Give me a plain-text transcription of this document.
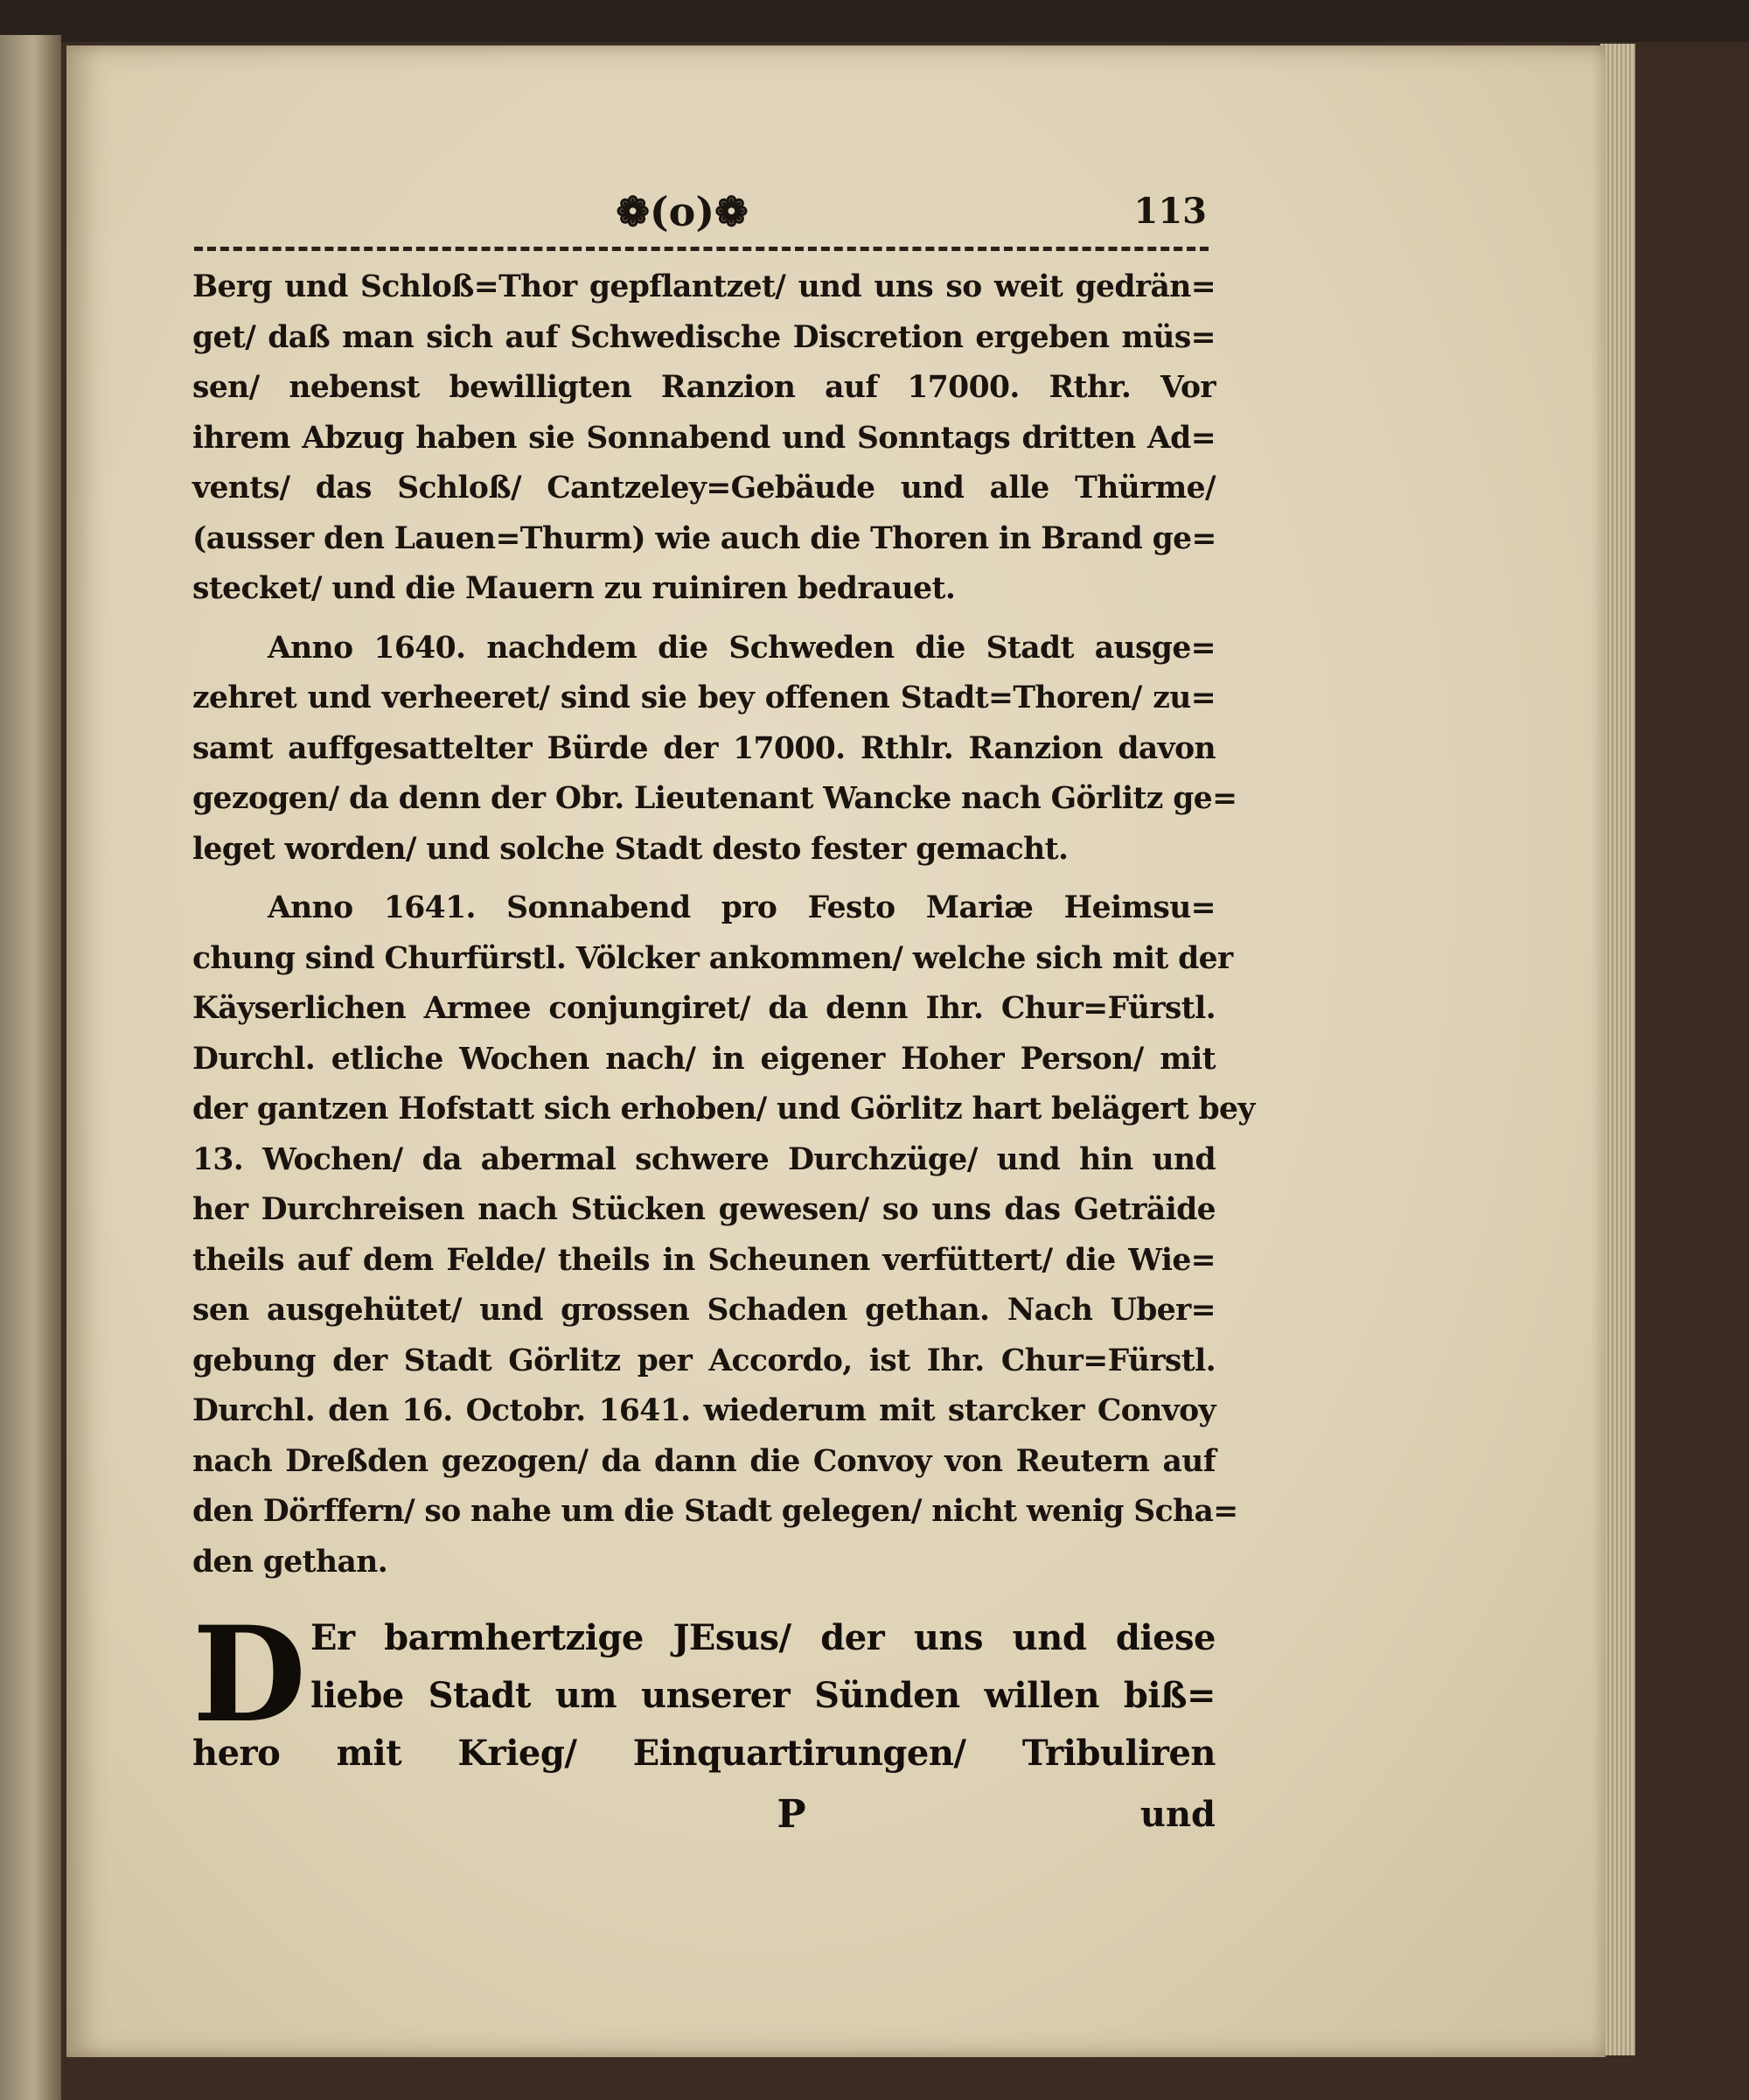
❁(o)❁	113
Berg und Schloß=Thor gepflantzet/ und uns so weit gedrän=
get/ daß man sich auf Schwedische Discretion ergeben müs=
sen/ nebenst bewilligten Ranzion auf 17000. Rthr. Vor
ihrem Abzug haben sie Sonnabend und Sonntags dritten Ad=
vents/ das Schloß/ Cantzeley=Gebäude und alle Thürme/
(ausser den Lauen=Thurm) wie auch die Thoren in Brand ge=
stecket/ und die Mauern zu ruiniren bedrauet.
Anno 1640. nachdem die Schweden die Stadt ausge=
zehret und verheeret/ sind sie bey offenen Stadt=Thoren/ zu=
samt auffgesattelter Bürde der 17000. Rthlr. Ranzion davon
gezogen/ da denn der Obr. Lieutenant Wancke nach Görlitz ge=
leget worden/ und solche Stadt desto fester gemacht.
Anno 1641. Sonnabend pro Festo Mariæ Heimsu=
chung sind Churfürstl. Völcker ankommen/ welche sich mit der
Käyserlichen Armee conjungiret/ da denn Ihr. Chur=Fürstl.
Durchl. etliche Wochen nach/ in eigener Hoher Person/ mit
der gantzen Hofstatt sich erhoben/ und Görlitz hart belägert bey
13. Wochen/ da abermal schwere Durchzüge/ und hin und
her Durchreisen nach Stücken gewesen/ so uns das Geträide
theils auf dem Felde/ theils in Scheunen verfüttert/ die Wie=
sen ausgehütet/ und grossen Schaden gethan. Nach Uber=
gebung der Stadt Görlitz per Accordo, ist Ihr. Chur=Fürstl.
Durchl. den 16. Octobr. 1641. wiederum mit starcker Convoy
nach Dreßden gezogen/ da dann die Convoy von Reutern auf
den Dörffern/ so nahe um die Stadt gelegen/ nicht wenig Scha=
den gethan.
D Er barmhertzige JEsus/ der uns und diese
liebe Stadt um unserer Sünden willen biß=
hero mit Krieg/ Einquartirungen/ Tribuliren
P	und
